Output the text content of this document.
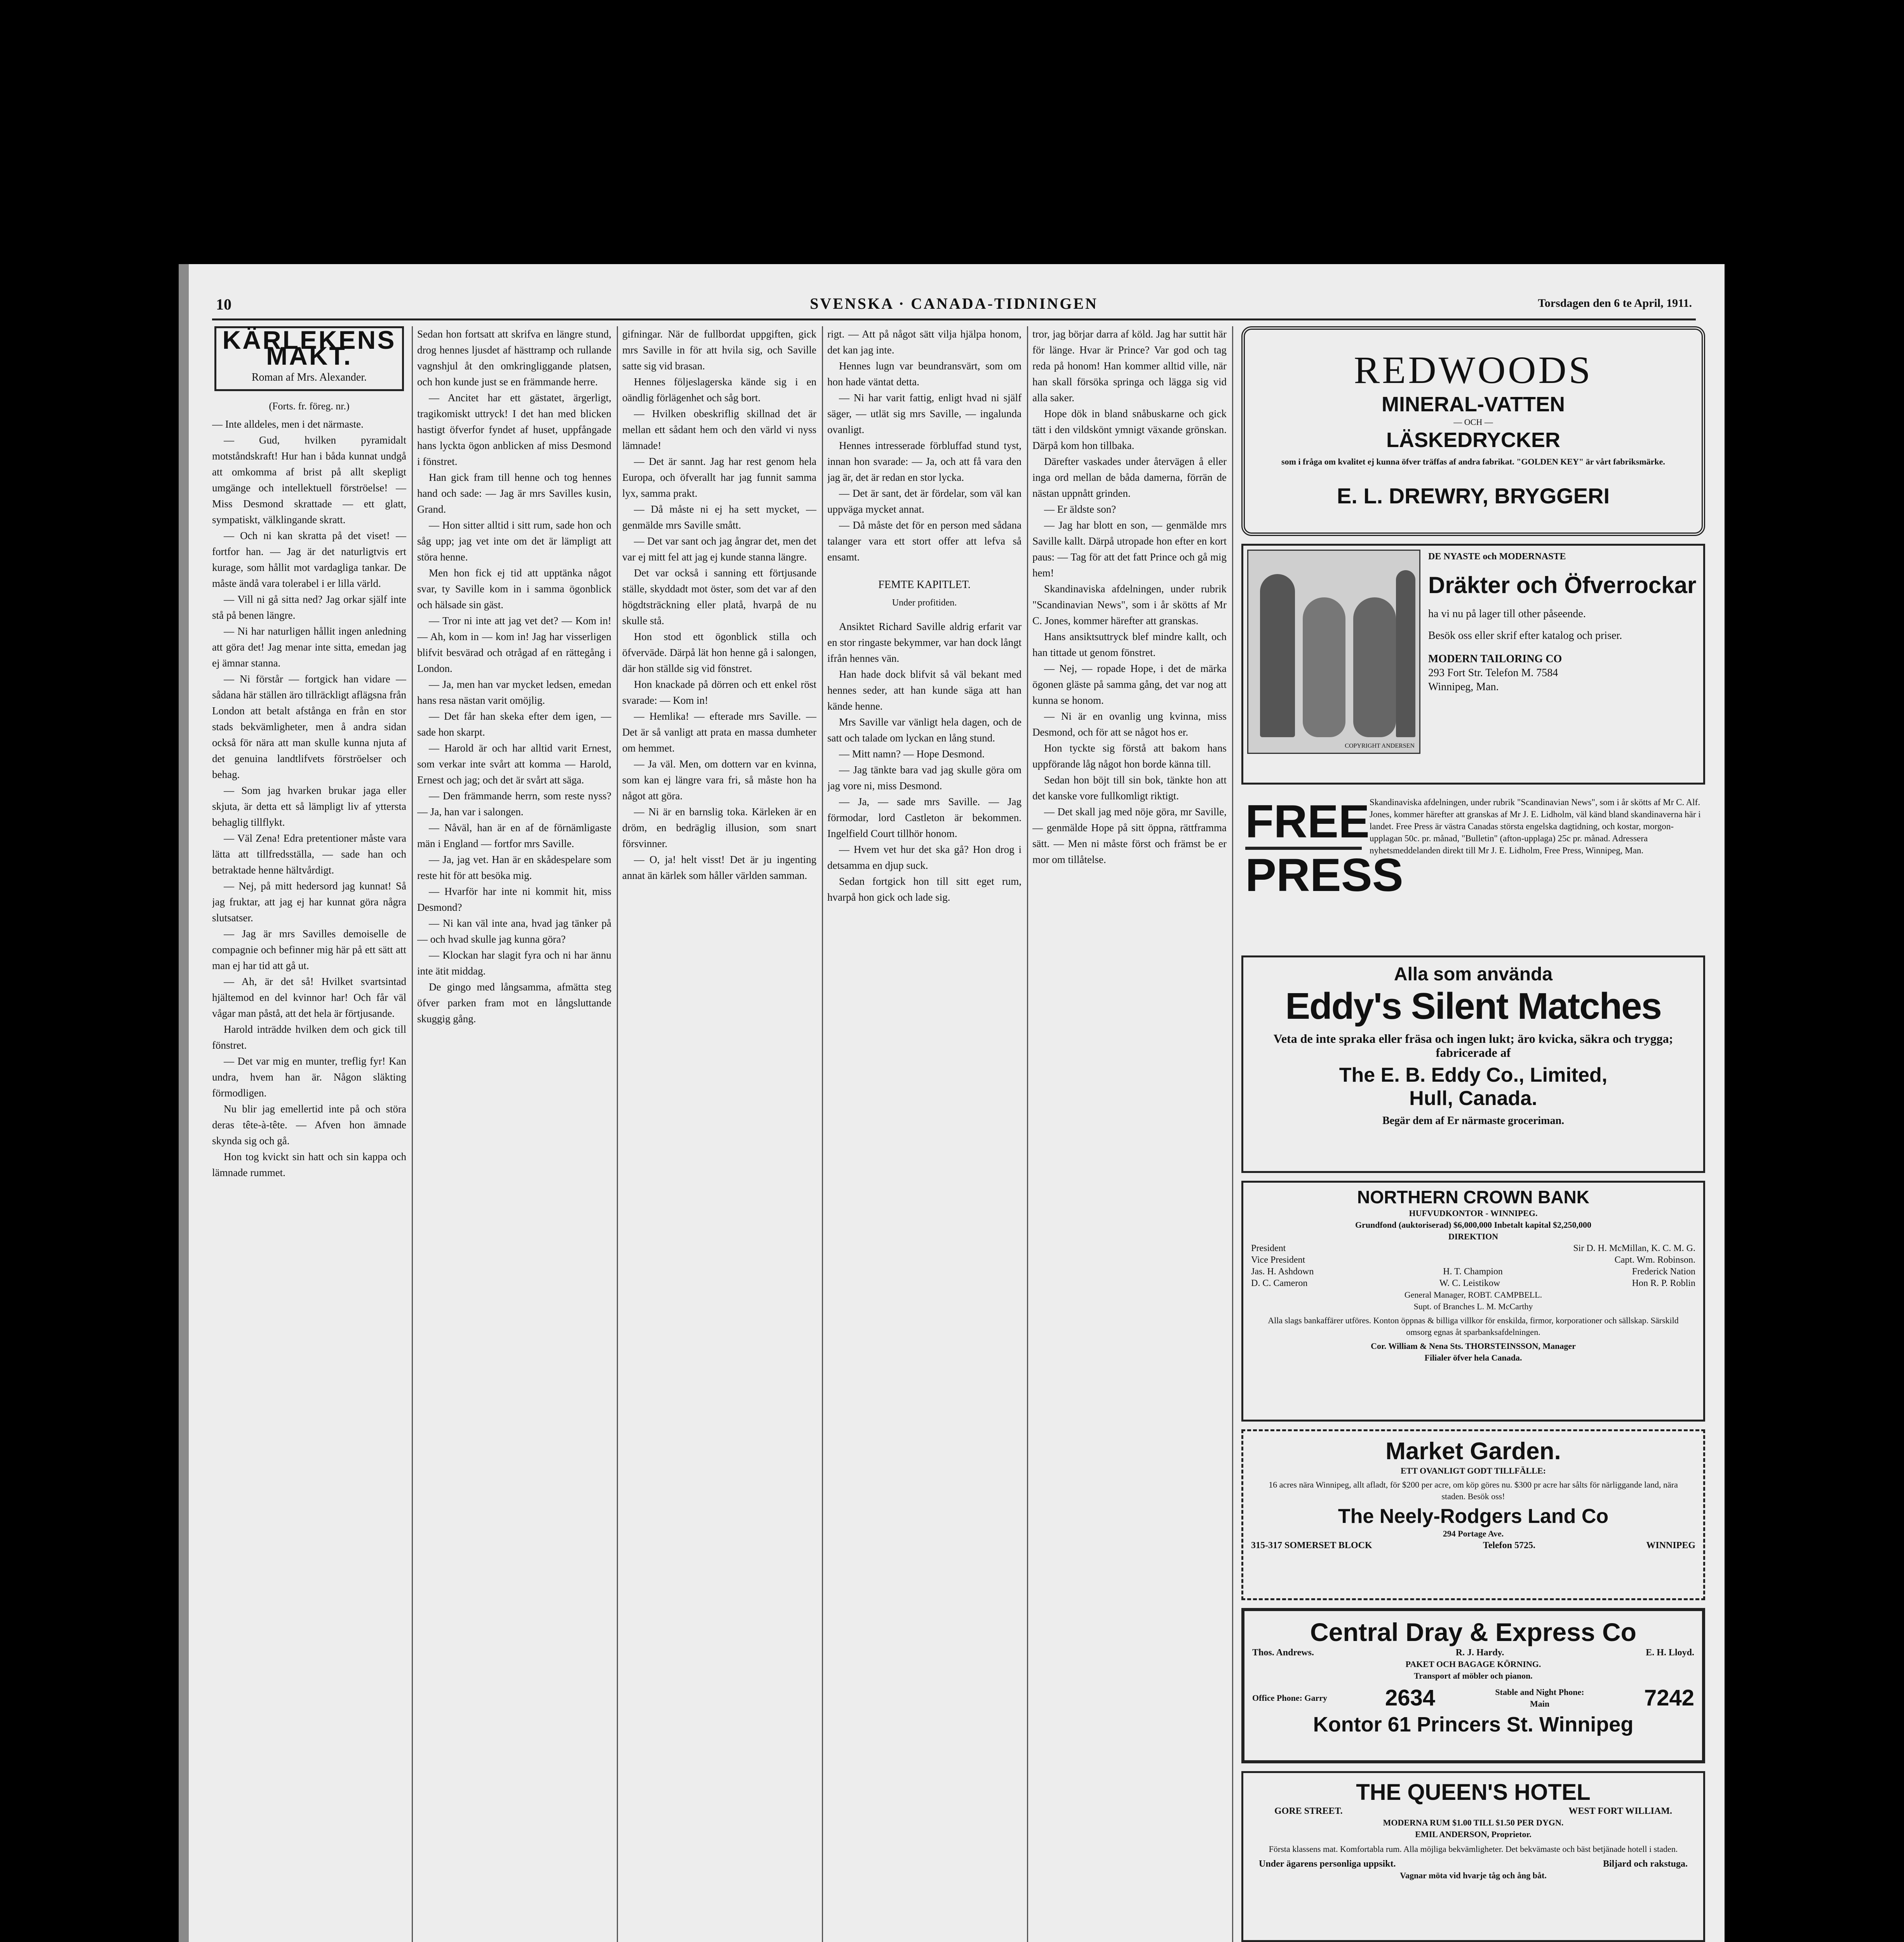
10	SVENSKA · CANADA-TIDNINGEN	Torsdagen den 6 te April, 1911.
KÄRLEKENS MAKT.
Roman af Mrs. Alexander.

(Forts. fr. föreg. nr.)

— Inte alldeles, men i det närmaste.

— Gud, hvilken pyramidalt motståndskraft! Hur han i båda kunnat undgå att omkomma af brist på allt skepligt umgänge och intellektuell förströelse! — Miss Desmond skrattade — ett glatt, sympatiskt, välklingande skratt.

— Och ni kan skratta på det viset! — fortfor han. — Jag är det naturligtvis ert kurage, som hållit mot vardagliga tankar. De måste ändå vara tolerabel i er lilla värld.

— Vill ni gå sitta ned? Jag orkar själf inte stå på benen längre.

— Ni har naturligen hållit ingen anledning att göra det! Jag menar inte sitta, emedan jag ej ämnar stanna.

— Ni förstår — fortgick han vidare — sådana här ställen äro tillräckligt aflägsna från London att betalt afstånga en från en stor stads bekvämligheter, men å andra sidan också för nära att man skulle kunna njuta af det genuina landtlifvets förströelser och behag.

— Som jag hvarken brukar jaga eller skjuta, är detta ett så lämpligt liv af yttersta behaglig tillflykt.

— Väl Zena! Edra pretentioner måste vara lätta att tillfredsställa, — sade han och betraktade henne hältvårdigt.

— Nej, på mitt hedersord jag kunnat! Så jag fruktar, att jag ej har kunnat göra några slutsatser.

— Jag är mrs Savilles demoiselle de compagnie och befinner mig här på ett sätt att man ej har tid att gå ut.

— Ah, är det så! Hvilket svartsintad hjältemod en del kvinnor har! Och får väl vågar man påstå, att det hela är förtjusande.

Harold inträdde hvilken dem och gick till fönstret.

— Det var mig en munter, treflig fyr! Kan undra, hvem han är. Någon släkting förmodligen.

Nu blir jag emellertid inte på och störa deras tête-à-tête. — Afven hon ämnade skynda sig och gå.

Hon tog kvickt sin hatt och sin kappa och lämnade rummet.

Sedan hon fortsatt att skrifva en längre stund, drog hennes ljusdet af hästtramp och rullande vagnshjul åt den omkringliggande platsen, och hon kunde just se en främmande herre.

— Ancitet har ett gästatet, ärgerligt, tragikomiskt uttryck! I det han med blicken hastigt öfverfor fyndet af huset, uppfångade hans lyckta ögon anblicken af miss Desmond i fönstret.

Han gick fram till henne och tog hennes hand och sade: — Jag är mrs Savilles kusin, Grand.

— Hon sitter alltid i sitt rum, sade hon och såg upp; jag vet inte om det är lämpligt att störa henne.

Men hon fick ej tid att upptänka något svar, ty Saville kom in i samma ögonblick och hälsade sin gäst.

— Tror ni inte att jag vet det? — Kom in! — Ah, kom in — kom in! Jag har visserligen blifvit besvärad och otrågad af en rättegång i London.

— Ja, men han var mycket ledsen, emedan hans resa nästan varit omöjlig.

— Det får han skeka efter dem igen, — sade hon skarpt.

— Harold är och har alltid varit Ernest, som verkar inte svårt att komma — Harold, Ernest och jag; och det är svårt att säga.

— Den främmande herrn, som reste nyss? — Ja, han var i salongen.

— Nåväl, han är en af de förnämligaste män i England — fortfor mrs Saville.

— Ja, jag vet. Han är en skådespelare som reste hit för att besöka mig.

— Hvarför har inte ni kommit hit, miss Desmond?

— Ni kan väl inte ana, hvad jag tänker på — och hvad skulle jag kunna göra?

— Klockan har slagit fyra och ni har ännu inte ätit middag.

De gingo med långsamma, afmätta steg öfver parken fram mot en långsluttande skuggig gång.

gifningar. När de fullbordat uppgiften, gick mrs Saville in för att hvila sig, och Saville satte sig vid brasan.

Hennes följeslagerska kände sig i en oändlig förlägenhet och såg bort.

— Hvilken obeskriflig skillnad det är mellan ett sådant hem och den värld vi nyss lämnade!

— Det är sannt. Jag har rest genom hela Europa, och öfverallt har jag funnit samma lyx, samma prakt.

— Då måste ni ej ha sett mycket, — genmälde mrs Saville smått.

— Det var sant och jag ångrar det, men det var ej mitt fel att jag ej kunde stanna längre.

Det var också i sanning ett förtjusande ställe, skyddadt mot öster, som det var af den högdtsträckning eller platå, hvarpå de nu skulle stå.

Hon stod ett ögonblick stilla och öfverväde. Därpå lät hon henne gå i salongen, där hon ställde sig vid fönstret.

Hon knackade på dörren och ett enkel röst svarade: — Kom in!

— Hemlika! — efterade mrs Saville. — Det är så vanligt att prata en massa dumheter om hemmet.

— Ja väl. Men, om dottern var en kvinna, som kan ej längre vara fri, så måste hon ha något att göra.

— Ni är en barnslig toka. Kärleken är en dröm, en bedräglig illusion, som snart försvinner.

— O, ja! helt visst! Det är ju ingenting annat än kärlek som håller världen samman.

rigt. — Att på något sätt vilja hjälpa honom, det kan jag inte.

Hennes lugn var beundransvärt, som om hon hade väntat detta.

— Ni har varit fattig, enligt hvad ni själf säger, — utlät sig mrs Saville, — ingalunda ovanligt.

Hennes intresserade förbluffad stund tyst, innan hon svarade: — Ja, och att få vara den jag är, det är redan en stor lycka.

— Det är sant, det är fördelar, som väl kan uppväga mycket annat.

— Då måste det för en person med sådana talanger vara ett stort offer att lefva så ensamt.

FEMTE KAPITLET.

Under profitiden.

Ansiktet Richard Saville aldrig erfarit var en stor ringaste bekymmer, var han dock långt ifrån hennes vän.

Han hade dock blifvit så väl bekant med hennes seder, att han kunde säga att han kände henne.

Mrs Saville var vänligt hela dagen, och de satt och talade om lyckan en lång stund.

— Mitt namn? — Hope Desmond.

— Jag tänkte bara vad jag skulle göra om jag vore ni, miss Desmond.

— Ja, — sade mrs Saville. — Jag förmodar, lord Castleton är bekommen. Ingelfield Court tillhör honom.

— Hvem vet hur det ska gå? Hon drog i detsamma en djup suck.

Sedan fortgick hon till sitt eget rum, hvarpå hon gick och lade sig.

REDWOODS
MINERAL-VATTEN
— OCH —
LÄSKEDRYCKER
som i fråga om kvalitet ej kunna öfver träffas af andra fabrikat. "GOLDEN KEY" är vårt fabriksmärke.
E. L. DREWRY, BRYGGERI
COPYRIGHT ANDERSEN
DE NYASTE och MODERNASTE
Dräkter och Öfverrockar
ha vi nu på lager till other påseende.
Besök oss eller skrif efter katalog och priser.
MODERN TAILORING CO
293 Fort Str. Telefon M. 7584
Winnipeg, Man.
FREE
PRESS
Skandinaviska afdelningen, under rubrik "Scandinavian News", som i år skötts af Mr C. Alf. Jones, kommer härefter att granskas af Mr J. E. Lidholm, väl känd bland skandinaverna här i landet. Free Press är västra Canadas största engelska dagtidning, och kostar, morgon-upplagan 50c. pr. månad, "Bulletin" (afton-upplaga) 25c pr. månad. Adressera nyhetsmeddelanden direkt till Mr J. E. Lidholm, Free Press, Winnipeg, Man.
Alla som använda
Eddy's Silent Matches
Veta de inte spraka eller fräsa och ingen lukt; äro kvicka, säkra och trygga; fabricerade af
The E. B. Eddy Co., Limited,
Hull, Canada.
Begär dem af Er närmaste groceriman.
NORTHERN CROWN BANK
HUFVUDKONTOR - WINNIPEG.
Grundfond (auktoriserad) $6,000,000 Inbetalt kapital $2,250,000
DIREKTION
President	Sir D. H. McMillan, K. C. M. G.
Vice President	Capt. Wm. Robinson.
Jas. H. Ashdown	H. T. Champion	Frederick Nation
D. C. Cameron	W. C. Leistikow	Hon R. P. Roblin
General Manager, ROBT. CAMPBELL.
Supt. of Branches L. M. McCarthy
Alla slags bankaffärer utföres. Konton öppnas & billiga villkor för enskilda, firmor, korporationer och sällskap. Särskild omsorg egnas åt sparbanksafdelningen.
Cor. William & Nena Sts. THORSTEINSSON, Manager
Filialer öfver hela Canada.
Market Garden.
ETT OVANLIGT GODT TILLFÄLLE:
16 acres nära Winnipeg, allt afladt, för $200 per acre, om köp göres nu. $300 pr acre har sålts för närliggande land, nära staden. Besök oss!
The Neely-Rodgers Land Co
294 Portage Ave.
315-317 SOMERSET BLOCK	Telefon 5725.	WINNIPEG
Central Dray & Express Co
Thos. Andrews.	R. J. Hardy.	E. H. Lloyd.
PAKET OCH BAGAGE KÖRNING.
Transport af möbler och pianon.
Office Phone: Garry	2634	Stable and Night Phone: Main	7242
Kontor 61 Princers St. Winnipeg
THE QUEEN'S HOTEL
GORE STREET.	WEST FORT WILLIAM.
MODERNA RUM $1.00 TILL $1.50 PER DYGN.
EMIL ANDERSON, Proprietor.
Första klassens mat. Komfortabla rum. Alla möjliga bekvämligheter. Det bekvämaste och bäst betjänade hotell i staden.
Under ägarens personliga uppsikt.	Biljard och rakstuga.
Vagnar möta vid hvarje tåg och ång båt.

tror, jag börjar darra af köld. Jag har suttit här för länge. Hvar är Prince? Var god och tag reda på honom! Han kommer alltid ville, när han skall försöka springa och lägga sig vid alla saker.

Hope dök in bland snåbuskarne och gick tätt i den vildskönt ymnigt växande grönskan. Därpå kom hon tillbaka.

Därefter vaskades under återvägen å eller inga ord mellan de båda damerna, förrän de nästan uppnått grinden.

— Er äldste son?

— Jag har blott en son, — genmälde mrs Saville kallt. Därpå utropade hon efter en kort paus: — Tag för att det fatt Prince och gå mig hem!

Skandinaviska afdelningen, under rubrik "Scandinavian News", som i år skötts af Mr C. Jones, kommer härefter att granskas.

Hans ansiktsuttryck blef mindre kallt, och han tittade ut genom fönstret.

— Nej, — ropade Hope, i det de märka ögonen gläste på samma gång, det var nog att kunna se honom.

— Ni är en ovanlig ung kvinna, miss Desmond, och för att se något hos er.

Hon tyckte sig förstå att bakom hans uppförande låg något hon borde känna till.

Sedan hon böjt till sin bok, tänkte hon att det kanske vore fullkomligt riktigt.

— Det skall jag med nöje göra, mr Saville, — genmälde Hope på sitt öppna, rättframma sätt. — Men ni måste först och främst be er mor om tillåtelse.
